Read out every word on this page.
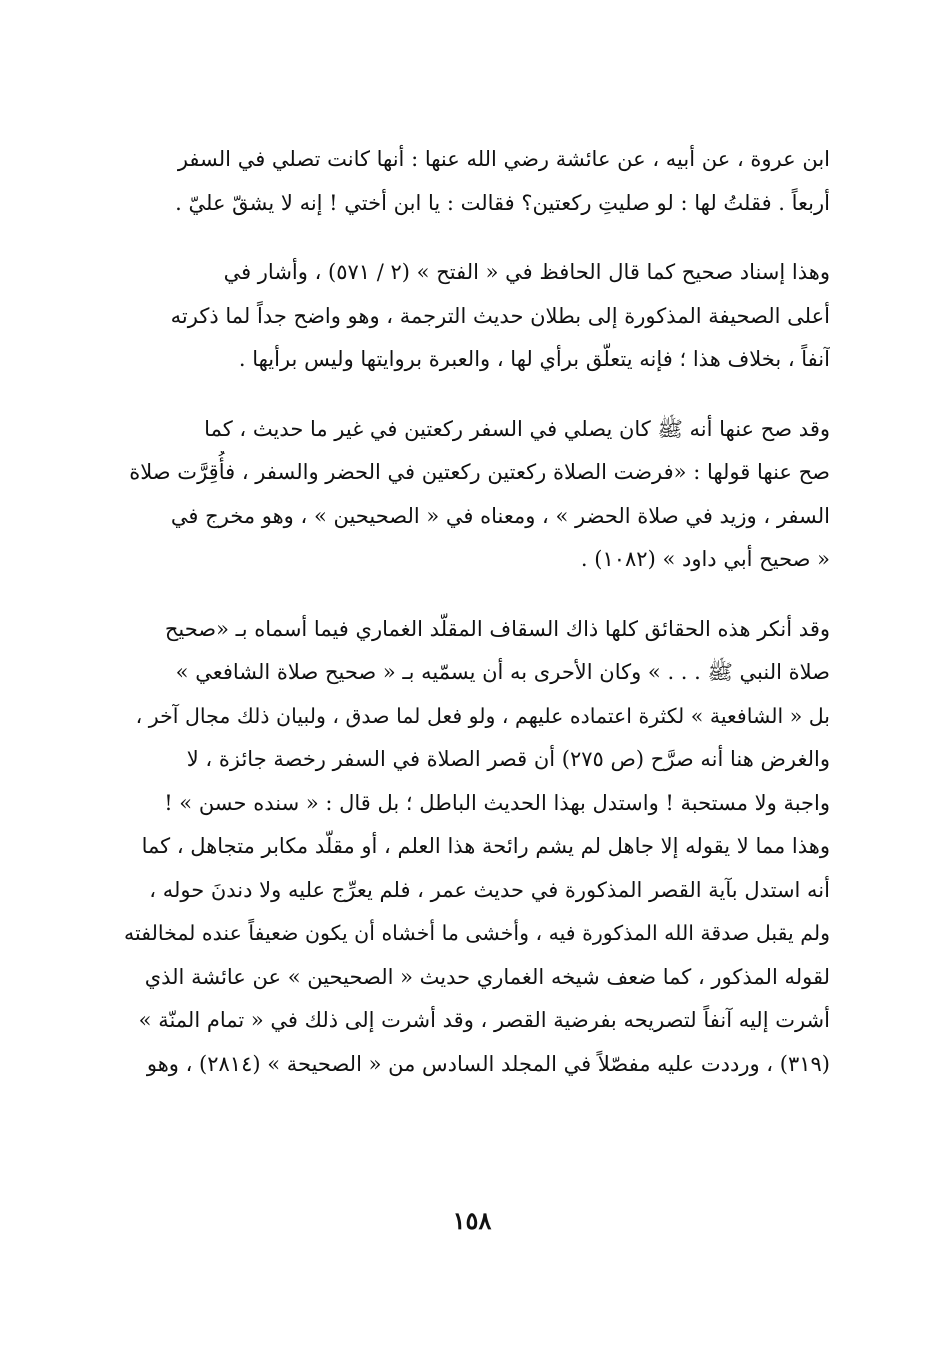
ابن عروة ، عن أبيه ، عن عائشة رضي الله عنها : أنها كانت تصلي في السفر
أربعاً . فقلتُ لها : لو صليتِ ركعتين؟ فقالت : يا ابن أختي ! إنه لا يشقّ عليّ .
وهذا إسناد صحيح كما قال الحافظ في « الفتح » (٢ / ٥٧١) ، وأشار في
أعلى الصحيفة المذكورة إلى بطلان حديث الترجمة ، وهو واضح جداً لما ذكرته
آنفاً ، بخلاف هذا ؛ فإنه يتعلّق برأي لها ، والعبرة بروايتها وليس برأيها .
وقد صح عنها أنه ﷺ كان يصلي في السفر ركعتين في غير ما حديث ، كما
صح عنها قولها : «فرضت الصلاة ركعتين ركعتين في الحضر والسفر ، فأُقِرَّت صلاة
السفر ، وزيد في صلاة الحضر » ، ومعناه في « الصحيحين » ، وهو مخرج في
« صحيح أبي داود » (١٠٨٢) .
وقد أنكر هذه الحقائق كلها ذاك السقاف المقلّد الغماري فيما أسماه بـ «صحيح
صلاة النبي ﷺ . . . » وكان الأحرى به أن يسمّيه بـ « صحيح صلاة الشافعي »
بل « الشافعية » لكثرة اعتماده عليهم ، ولو فعل لما صدق ، ولبيان ذلك مجال آخر ،
والغرض هنا أنه صرَّح (ص ٢٧٥) أن قصر الصلاة في السفر رخصة جائزة ، لا
واجبة ولا مستحبة ! واستدل بهذا الحديث الباطل ؛ بل قال : « سنده حسن » !
وهذا مما لا يقوله إلا جاهل لم يشم رائحة هذا العلم ، أو مقلّد مكابر متجاهل ، كما
أنه استدل بآية القصر المذكورة في حديث عمر ، فلم يعرِّج عليه ولا دندنَ حوله ،
ولم يقبل صدقة الله المذكورة فيه ، وأخشى ما أخشاه أن يكون ضعيفاً عنده لمخالفته
لقوله المذكور ، كما ضعف شيخه الغماري حديث « الصحيحين » عن عائشة الذي
أشرت إليه آنفاً لتصريحه بفرضية القصر ، وقد أشرت إلى ذلك في « تمام المنّة »
(٣١٩) ، ورددت عليه مفصّلاً في المجلد السادس من « الصحيحة » (٢٨١٤) ، وهو
١٥٨
